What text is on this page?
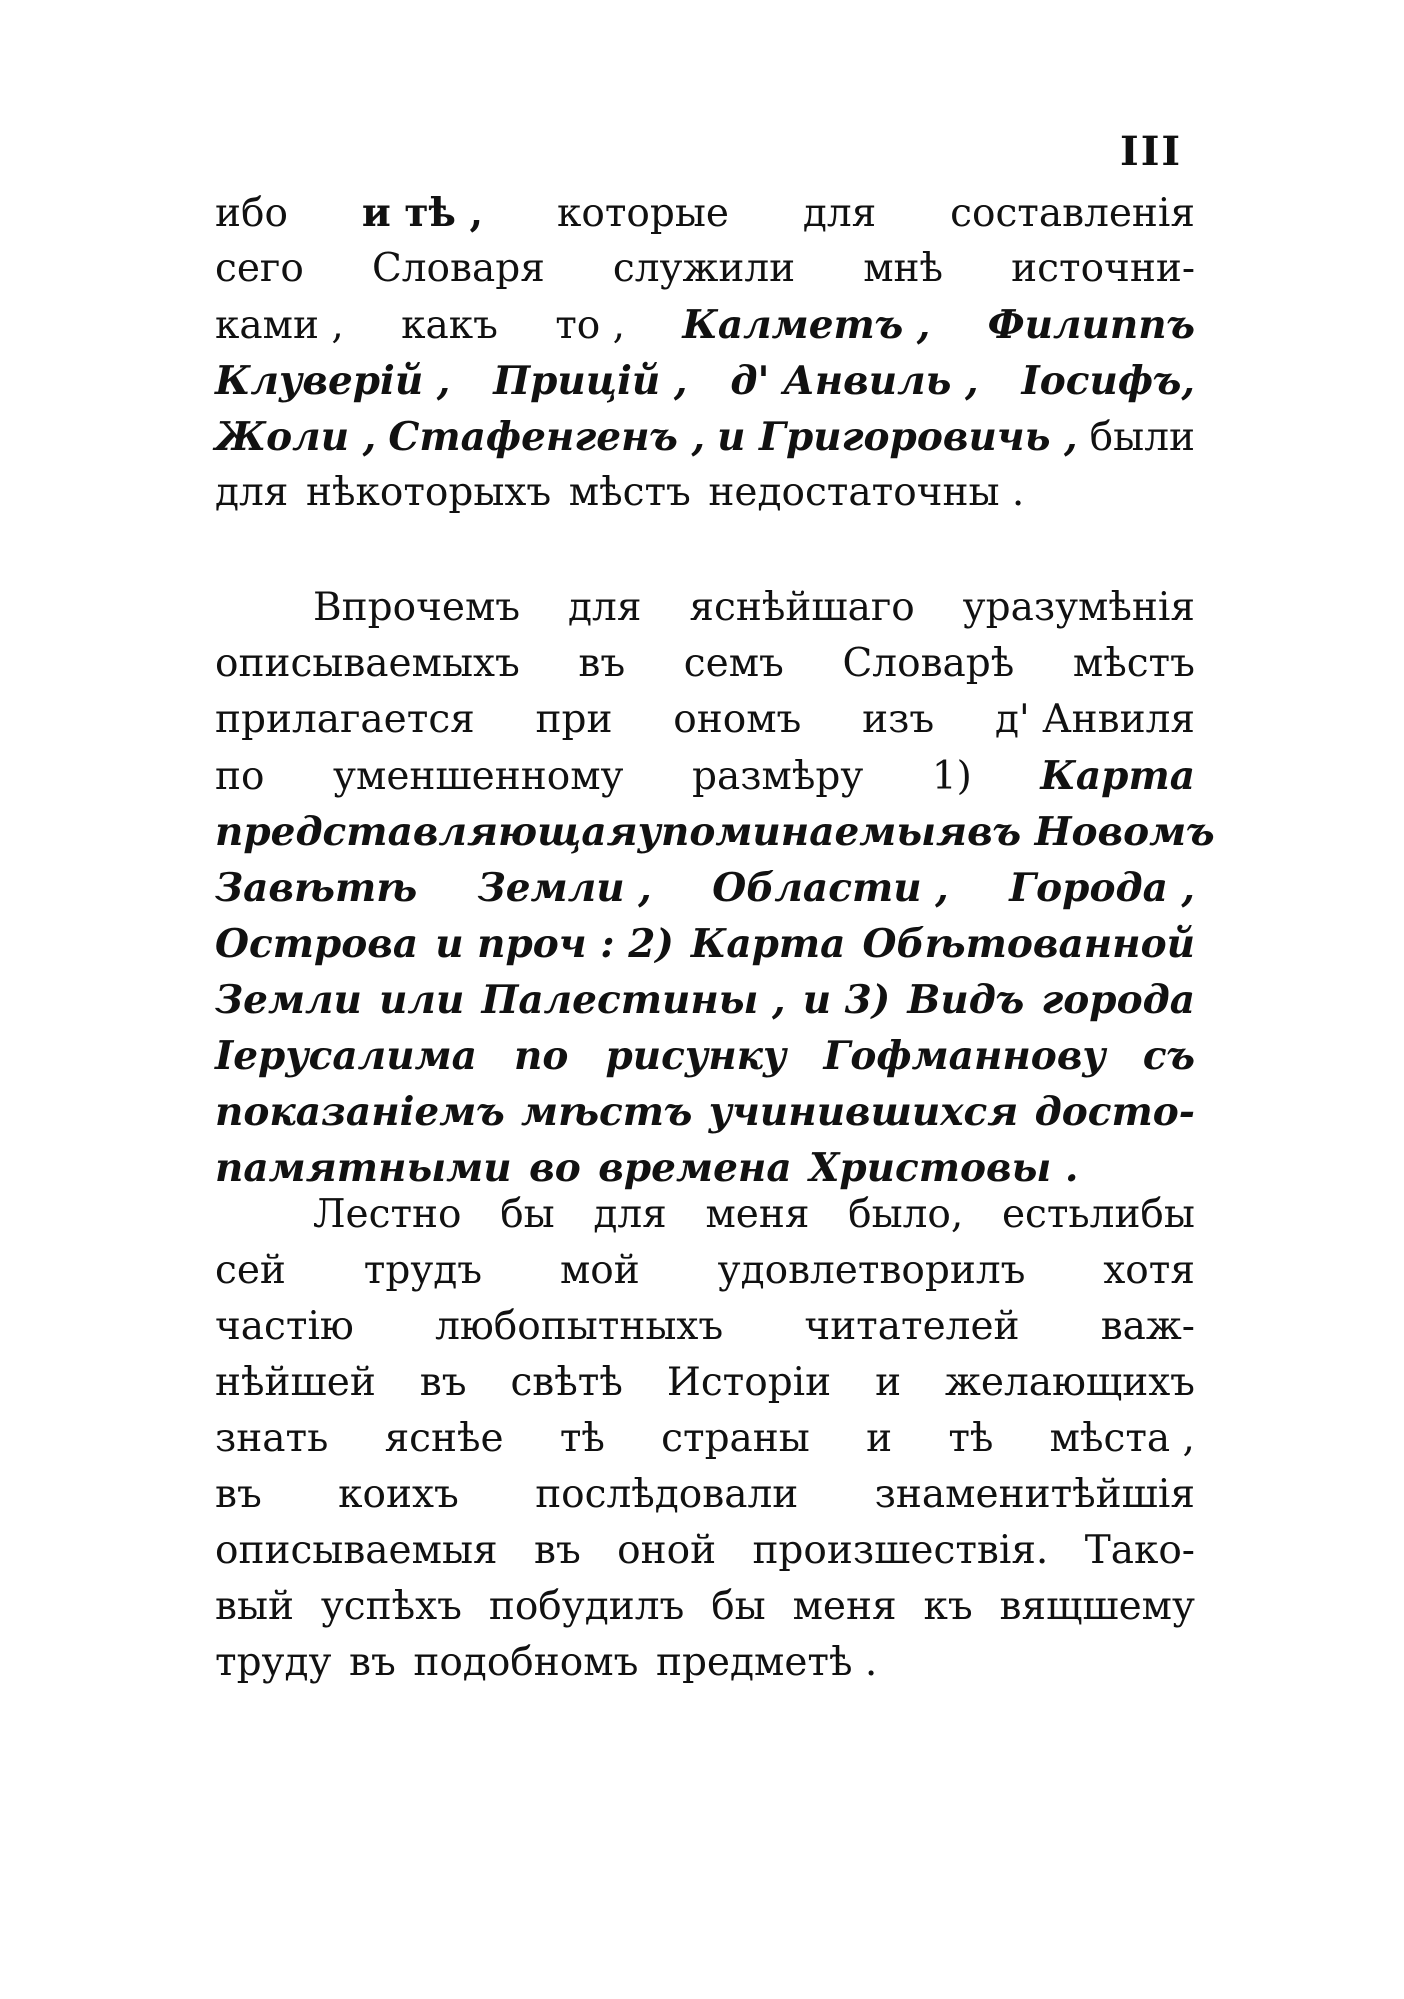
III
ибо и тѣ , которые для составленія
сего Словаря служили мнѣ источни-
ками , какъ то , Калметъ , Филиппъ
Клуверій , Прицій , д' Анвиль , Іосифъ,
Жоли , Стафенгенъ , и Григоровичь , были
для нѣкоторыхъ мѣстъ недостаточны .
Впрочемъ для яснѣйшаго уразумѣнія
описываемыхъ въ семъ Словарѣ мѣстъ
прилагается при ономъ изъ д' Анвиля
по уменшенному размѣру 1) Карта
представляющая упоминаемыя въ Новомъ
Завѣтѣ Земли , Области , Города ,
Острова и проч : 2) Карта Обѣтованной
Земли или Палестины , и 3) Видъ города
Іерусалима по рисунку Гофманнову съ
показаніемъ мѣстъ учинившихся досто-
памятными во времена Христовы .
Лестно бы для меня было, естьлибы
сей трудъ мой удовлетворилъ хотя
частію любопытныхъ читателей важ-
нѣйшей въ свѣтѣ Исторіи и желающихъ
знать яснѣе тѣ страны и тѣ мѣста ,
въ коихъ послѣдовали знаменитѣйшія
описываемыя въ оной произшествія. Тако-
вый успѣхъ побудилъ бы меня къ вящшему
труду въ подобномъ предметѣ .
